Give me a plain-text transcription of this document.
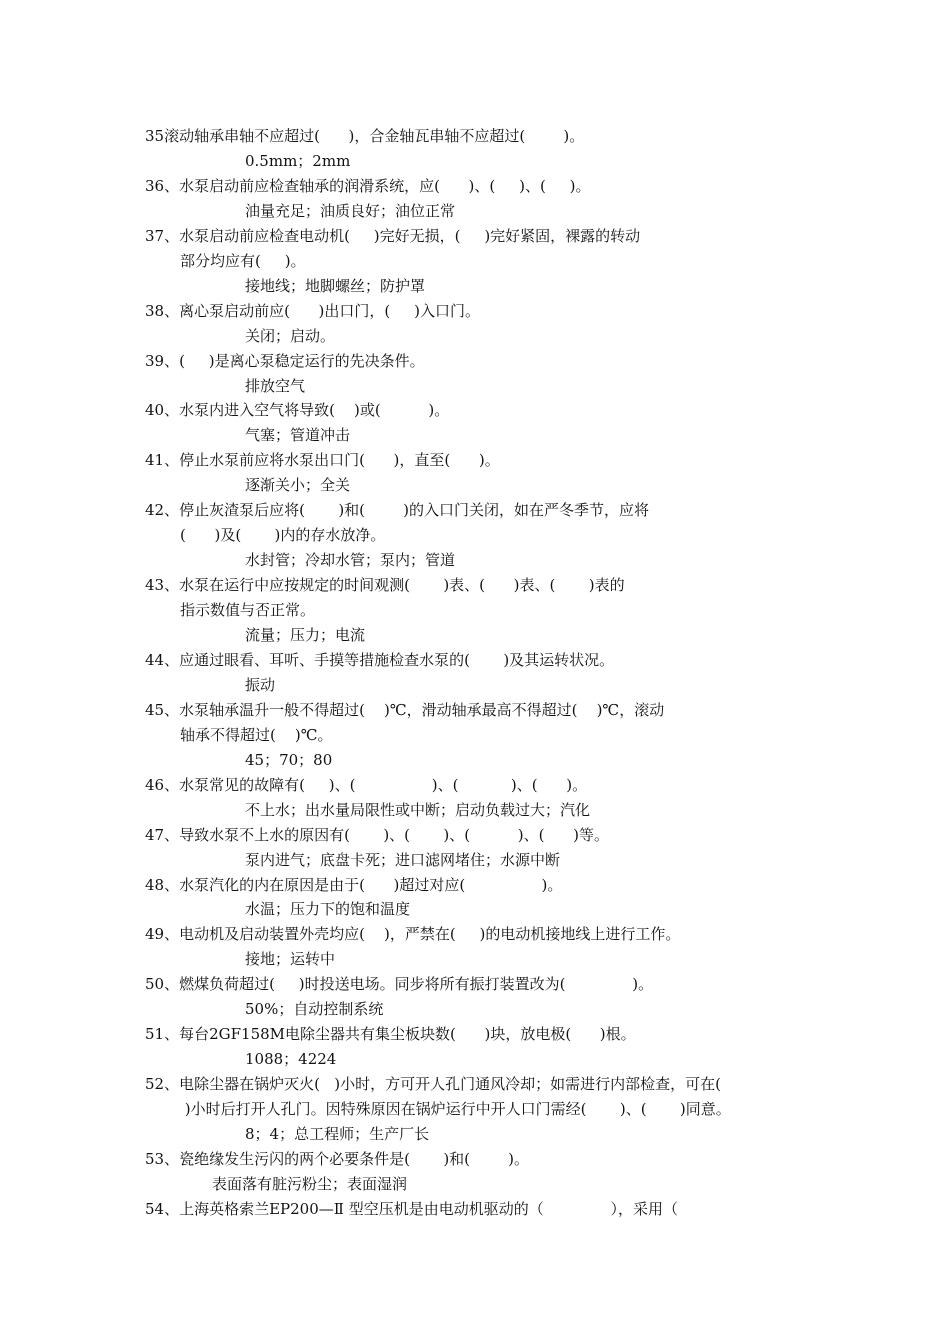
35滚动轴承串轴不应超过(      )，合金轴瓦串轴不应超过(        )。
0.5mm；2mm
36、水泵启动前应检查轴承的润滑系统，应(      )、(     )、(     )。
油量充足；油质良好；油位正常
37、水泵启动前应检查电动机(     )完好无损，(     )完好紧固，裸露的转动
部分均应有(     )。
接地线；地脚螺丝；防护罩
38、离心泵启动前应(      )出口门，(     )入口门。
关闭；启动。
39、(     )是离心泵稳定运行的先决条件。
排放空气
40、水泵内进入空气将导致(    )或(          )。
气塞；管道冲击
41、停止水泵前应将水泵出口门(      )，直至(      )。
逐渐关小；全关
42、停止灰渣泵后应将(       )和(        )的入口门关闭，如在严冬季节，应将
(      )及(       )内的存水放净。
水封管；冷却水管；泵内；管道
43、水泵在运行中应按规定的时间观测(       )表、(      )表、(       )表的
指示数值与否正常。
流量；压力；电流
44、应通过眼看、耳听、手摸等措施检查水泵的(       )及其运转状况。
振动
45、水泵轴承温升一般不得超过(    )℃，滑动轴承最高不得超过(    )℃，滚动
轴承不得超过(    )℃。
45；70；80
46、水泵常见的故障有(     )、(                )、(           )、(      )。
不上水；出水量局限性或中断；启动负载过大；汽化
47、导致水泵不上水的原因有(       )、(       )、(          )、(      )等。
泵内进气；底盘卡死；进口滤网堵住；水源中断
48、水泵汽化的内在原因是由于(      )超过对应(                )。
水温；压力下的饱和温度
49、电动机及启动装置外壳均应(    )，严禁在(     )的电动机接地线上进行工作。
接地；运转中
50、燃煤负荷超过(     )时投送电场。同步将所有振打装置改为(              )。
50%；自动控制系统
51、每台2GF158M电除尘器共有集尘板块数(      )块，放电极(      )根。
1088；4224
52、电除尘器在锅炉灭火(   )小时，方可开人孔门通风冷却；如需进行内部检查，可在(
)小时后打开人孔门。因特殊原因在锅炉运行中开人口门需经(       )、(       )同意。
8；4；总工程师；生产厂长
53、瓷绝缘发生污闪的两个必要条件是(       )和(        )。
表面落有脏污粉尘；表面湿润
54、上海英格索兰EP200—Ⅱ 型空压机是由电动机驱动的（              ），采用（
